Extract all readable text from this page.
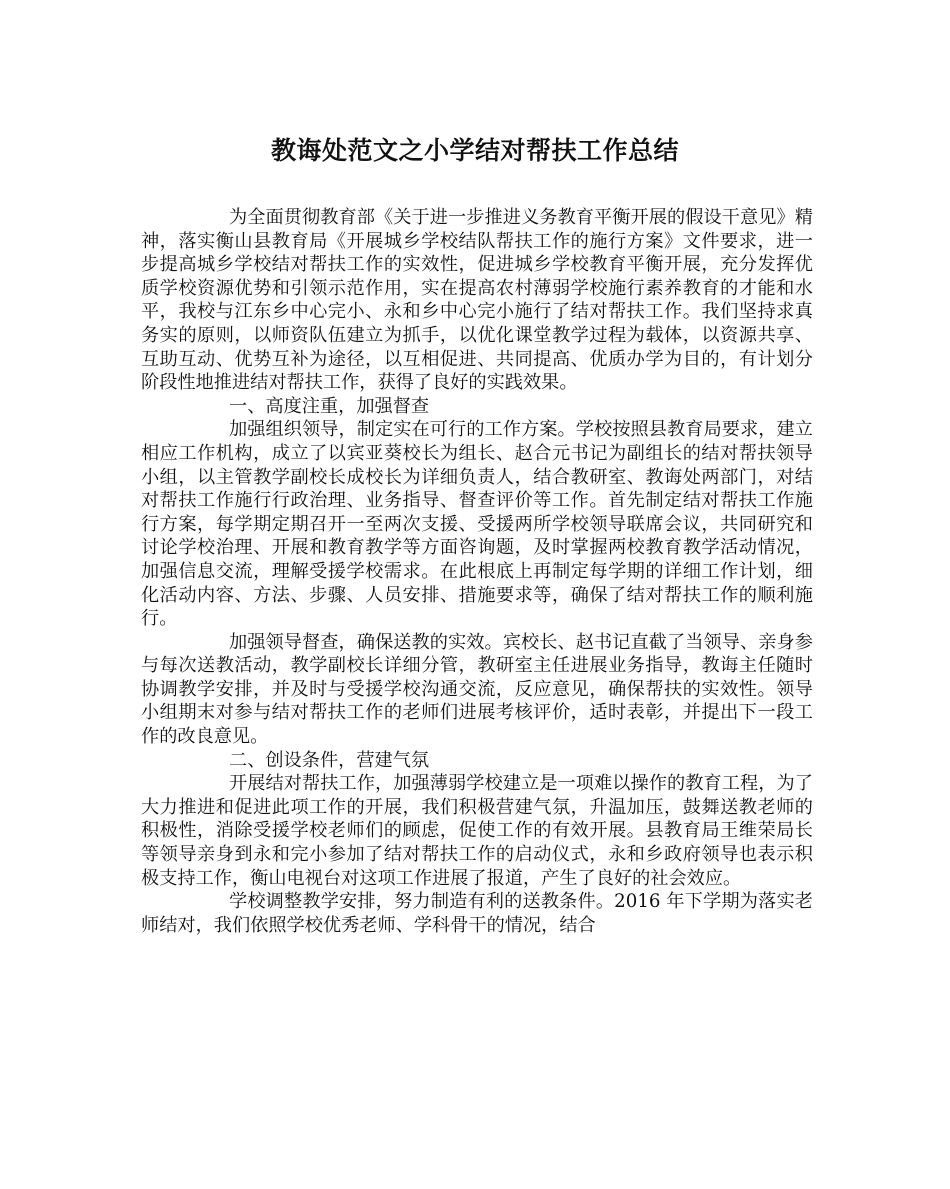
教诲处范文之小学结对帮扶工作总结

为全面贯彻教育部《关于进一步推进义务教育平衡开展的假设干意见》精神，落实衡山县教育局《开展城乡学校结队帮扶工作的施行方案》文件要求，进一步提高城乡学校结对帮扶工作的实效性，促进城乡学校教育平衡开展，充分发挥优质学校资源优势和引领示范作用，实在提高农村薄弱学校施行素养教育的才能和水平，我校与江东乡中心完小、永和乡中心完小施行了结对帮扶工作。我们坚持求真务实的原则，以师资队伍建立为抓手，以优化课堂教学过程为载体，以资源共享、互助互动、优势互补为途径，以互相促进、共同提高、优质办学为目的，有计划分阶段性地推进结对帮扶工作，获得了良好的实践效果。

一、高度注重，加强督查

加强组织领导，制定实在可行的工作方案。学校按照县教育局要求，建立相应工作机构，成立了以宾亚葵校长为组长、赵合元书记为副组长的结对帮扶领导小组，以主管教学副校长成校长为详细负责人，结合教研室、教诲处两部门，对结对帮扶工作施行行政治理、业务指导、督查评价等工作。首先制定结对帮扶工作施行方案，每学期定期召开一至两次支援、受援两所学校领导联席会议，共同研究和讨论学校治理、开展和教育教学等方面咨询题，及时掌握两校教育教学活动情况，加强信息交流，理解受援学校需求。在此根底上再制定每学期的详细工作计划，细化活动内容、方法、步骤、人员安排、措施要求等，确保了结对帮扶工作的顺利施行。

加强领导督查，确保送教的实效。宾校长、赵书记直截了当领导、亲身参与每次送教活动，教学副校长详细分管，教研室主任进展业务指导，教诲主任随时协调教学安排，并及时与受援学校沟通交流，反应意见，确保帮扶的实效性。领导小组期末对参与结对帮扶工作的老师们进展考核评价，适时表彰，并提出下一段工作的改良意见。

二、创设条件，营建气氛

开展结对帮扶工作，加强薄弱学校建立是一项难以操作的教育工程，为了大力推进和促进此项工作的开展，我们积极营建气氛，升温加压，鼓舞送教老师的积极性，消除受援学校老师们的顾虑，促使工作的有效开展。县教育局王维荣局长等领导亲身到永和完小参加了结对帮扶工作的启动仪式，永和乡政府领导也表示积极支持工作，衡山电视台对这项工作进展了报道，产生了良好的社会效应。

学校调整教学安排，努力制造有利的送教条件。2016 年下学期为落实老师结对，我们依照学校优秀老师、学科骨干的情况，结合
